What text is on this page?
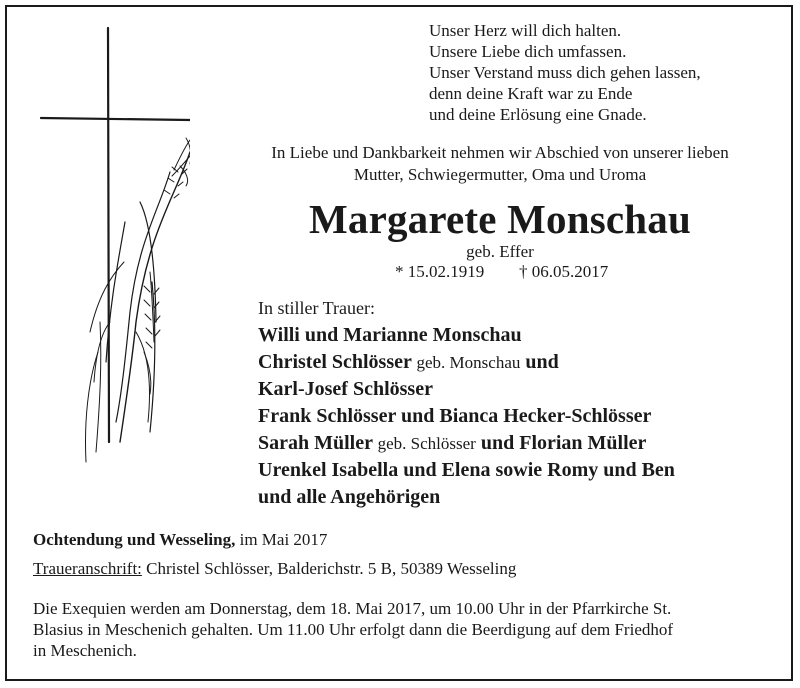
Unser Herz will dich halten.
Unsere Liebe dich umfassen.
Unser Verstand muss dich gehen lassen,
denn deine Kraft war zu Ende
und deine Erlösung eine Gnade.
In Liebe und Dankbarkeit nehmen wir Abschied von unserer lieben
Mutter, Schwiegermutter, Oma und Uroma
Margarete Monschau
geb. Effer
* 15.02.1919 † 06.05.2017
In stiller Trauer:
Willi und Marianne Monschau
Christel Schlösser geb. Monschau und
Karl-Josef Schlösser
Frank Schlösser und Bianca Hecker-Schlösser
Sarah Müller geb. Schlösser und Florian Müller
Urenkel Isabella und Elena sowie Romy und Ben
und alle Angehörigen
Ochtendung und Wesseling, im Mai 2017
Traueranschrift: Christel Schlösser, Balderichstr. 5 B, 50389 Wesseling
Die Exequien werden am Donnerstag, dem 18. Mai 2017, um 10.00 Uhr in der Pfarrkirche St.
Blasius in Meschenich gehalten. Um 11.00 Uhr erfolgt dann die Beerdigung auf dem Friedhof
in Meschenich.
